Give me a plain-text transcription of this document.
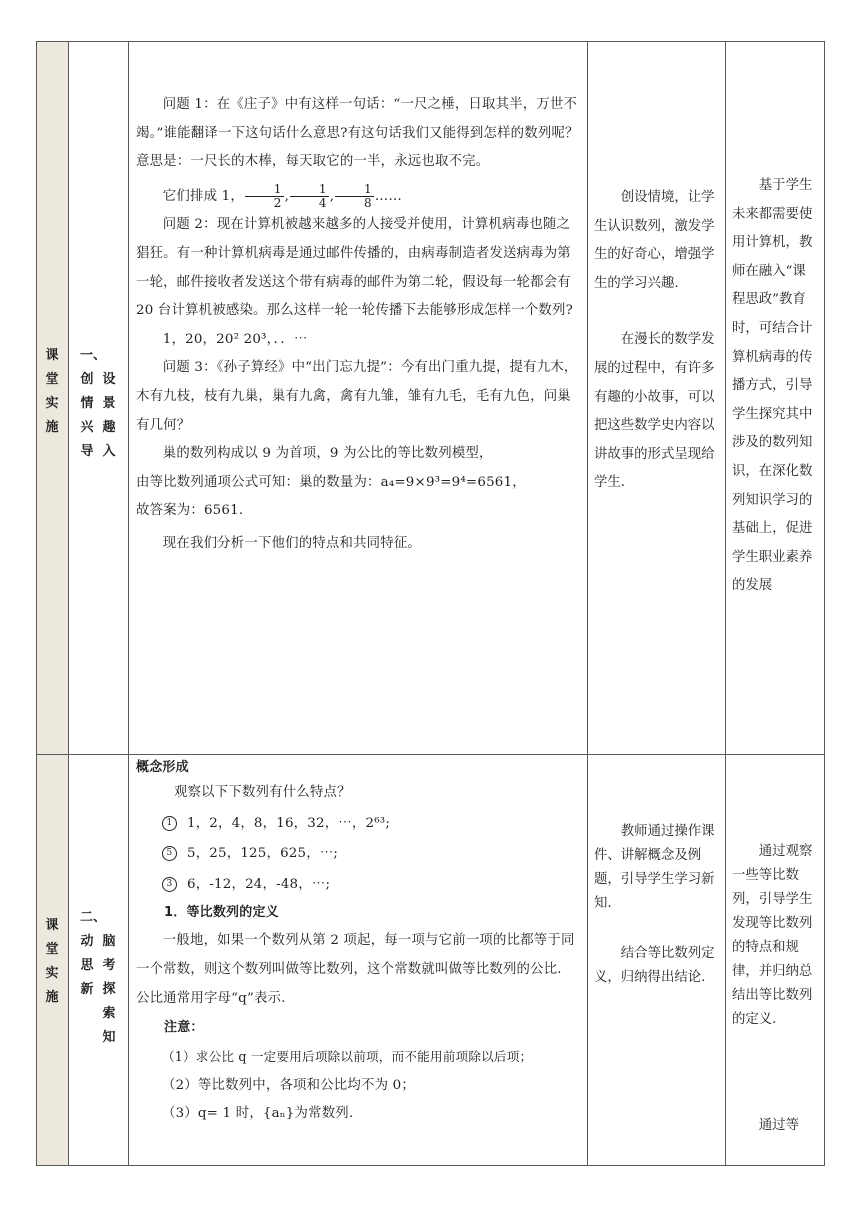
课
堂
实
施
一、
创
情
兴
导
设
景
趣
入

问题 1：在《庄子》中有这样一句话：“一尺之棰，日取其半，万世不竭。”谁能翻译一下这句话什么意思?有这句话我们又能得到怎样的数列呢？意思是：一尺长的木棒，每天取它的一半，永远也取不完。

它们排成 1， $\frac{1}{2}$ , $\frac{1}{4}$ , $\frac{1}{8}$ ……

问题 2：现在计算机被越来越多的人接受并使用，计算机病毒也随之猖狂。有一种计算机病毒是通过邮件传播的，由病毒制造者发送病毒为第一轮，邮件接收者发送这个带有病毒的邮件为第二轮，假设每一轮都会有 20 台计算机被感染。那么这样一轮一轮传播下去能够形成怎样一个数列?

1，20，20² 20³，．．⋯

问题 3：《孙子算经》中“出门忘九提”：今有出门重九提，提有九木，木有九枝，枝有九巢，巢有九禽，禽有九雏，雏有九毛，毛有九色，问巢有几何？

巢的数列构成以 9 为首项，9 为公比的等比数列模型，

由等比数列通项公式可知：巢的数量为：a₄=9×9³=9⁴=6561，

故答案为：6561.

现在我们分析一下他们的特点和共同特征。

创设情境，让学生认识数列，激发学生的好奇心，增强学生的学习兴趣.

在漫长的数学发展的过程中，有许多有趣的小故事，可以把这些数学史内容以讲故事的形式呈现给学生.

基于学生未来都需要使用计算机，教师在融入“课程思政”教育时，可结合计算机病毒的传播方式，引导学生探究其中涉及的数列知识，在深化数列知识学习的基础上，促进学生职业素养的发展

课
堂
实
施
二、
动
思
新
脑
考
探
索
知

概念形成

观察以下下数列有什么特点？

1 1，2，4，8，16，32，⋯，2⁶³;

5 5，25，125，625，⋯;

3 6，-12，24，-48，⋯;

1．等比数列的定义

一般地，如果一个数列从第 2 项起，每一项与它前一项的比都等于同一个常数，则这个数列叫做等比数列，这个常数就叫做等比数列的公比．公比通常用字母“q”表示.

注意：

（1）求公比 q 一定要用后项除以前项，而不能用前项除以后项；

（2）等比数列中，各项和公比均不为 0；

（3）q= 1 时，{aₙ}为常数列.

教师通过操作课件、讲解概念及例题，引导学生学习新知.

结合等比数列定义，归纳得出结论.

通过观察一些等比数列，引导学生发现等比数列的特点和规律，并归纳总结出等比数列的定义.

通过等
